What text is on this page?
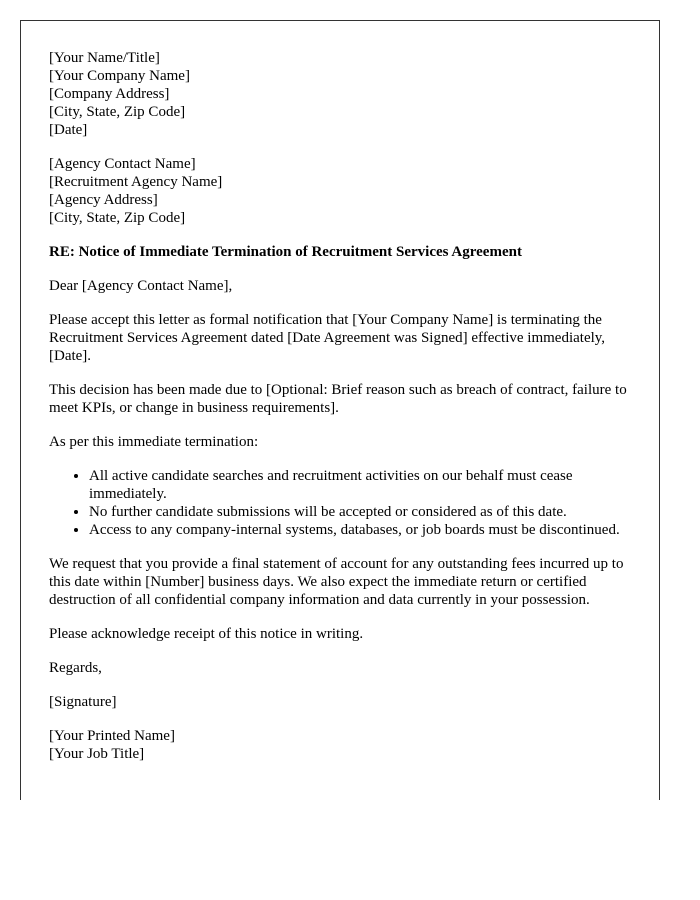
[Your Name/Title]
[Your Company Name]
[Company Address]
[City, State, Zip Code]
[Date]
[Agency Contact Name]
[Recruitment Agency Name]
[Agency Address]
[City, State, Zip Code]
RE: Notice of Immediate Termination of Recruitment Services Agreement

Dear [Agency Contact Name],

Please accept this letter as formal notification that [Your Company Name] is terminating the Recruitment Services Agreement dated [Date Agreement was Signed] effective immediately, [Date].

This decision has been made due to [Optional: Brief reason such as breach of contract, failure to meet KPIs, or change in business requirements].

As per this immediate termination:

• All active candidate searches and recruitment activities on our behalf must cease immediately.
• No further candidate submissions will be accepted or considered as of this date.
• Access to any company-internal systems, databases, or job boards must be discontinued.

We request that you provide a final statement of account for any outstanding fees incurred up to this date within [Number] business days. We also expect the immediate return or certified destruction of all confidential company information and data currently in your possession.

Please acknowledge receipt of this notice in writing.

Regards,

[Signature]

[Your Printed Name]
[Your Job Title]
